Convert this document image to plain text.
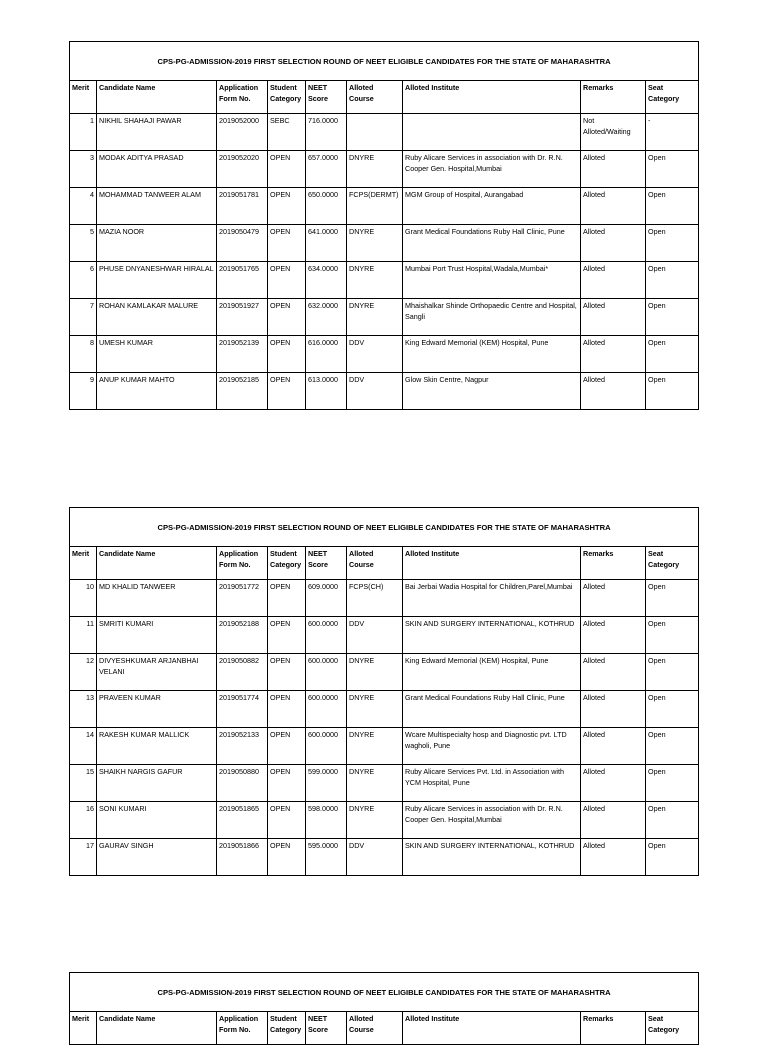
CPS-PG-ADMISSION-2019 FIRST SELECTION ROUND OF NEET ELIGIBLE CANDIDATES FOR THE STATE OF MAHARASHTRA								
Merit	Candidate Name	Application Form No.	Student Category	NEET Score	Alloted Course	Alloted Institute	Remarks	Seat Category
1	NIKHIL SHAHAJI PAWAR	2019052000	SEBC	716.0000			Not Alloted/Waiting	-
3	MODAK ADITYA PRASAD	2019052020	OPEN	657.0000	DNYRE	Ruby Alicare Services in association with Dr. R.N. Cooper Gen. Hospital,Mumbai	Alloted	Open
4	MOHAMMAD TANWEER ALAM	2019051781	OPEN	650.0000	FCPS(DERMT)	MGM Group of Hospital, Aurangabad	Alloted	Open
5	MAZIA NOOR	2019050479	OPEN	641.0000	DNYRE	Grant Medical Foundations Ruby Hall Clinic, Pune	Alloted	Open
6	PHUSE DNYANESHWAR HIRALAL	2019051765	OPEN	634.0000	DNYRE	Mumbai Port Trust Hospital,Wadala,Mumbai*	Alloted	Open
7	ROHAN KAMLAKAR MALURE	2019051927	OPEN	632.0000	DNYRE	Mhaishalkar Shinde Orthopaedic Centre and Hospital, Sangli	Alloted	Open
8	UMESH KUMAR	2019052139	OPEN	616.0000	DDV	King Edward Memorial (KEM) Hospital, Pune	Alloted	Open
9	ANUP KUMAR MAHTO	2019052185	OPEN	613.0000	DDV	Glow Skin Centre, Nagpur	Alloted	Open
CPS-PG-ADMISSION-2019 FIRST SELECTION ROUND OF NEET ELIGIBLE CANDIDATES FOR THE STATE OF MAHARASHTRA								
Merit	Candidate Name	Application Form No.	Student Category	NEET Score	Alloted Course	Alloted Institute	Remarks	Seat Category
10	MD KHALID TANWEER	2019051772	OPEN	609.0000	FCPS(CH)	Bai Jerbai Wadia Hospital for Children,Parel,Mumbai	Alloted	Open
11	SMRITI KUMARI	2019052188	OPEN	600.0000	DDV	SKIN AND SURGERY INTERNATIONAL, KOTHRUD	Alloted	Open
12	DIVYESHKUMAR ARJANBHAI VELANI	2019050882	OPEN	600.0000	DNYRE	King Edward Memorial (KEM) Hospital, Pune	Alloted	Open
13	PRAVEEN KUMAR	2019051774	OPEN	600.0000	DNYRE	Grant Medical Foundations Ruby Hall Clinic, Pune	Alloted	Open
14	RAKESH KUMAR MALLICK	2019052133	OPEN	600.0000	DNYRE	Wcare Multispecialty hosp and Diagnostic pvt. LTD wagholi, Pune	Alloted	Open
15	SHAIKH NARGIS GAFUR	2019050880	OPEN	599.0000	DNYRE	Ruby Alicare Services Pvt. Ltd. in Association with YCM Hospital, Pune	Alloted	Open
16	SONI KUMARI	2019051865	OPEN	598.0000	DNYRE	Ruby Alicare Services in association with Dr. R.N. Cooper Gen. Hospital,Mumbai	Alloted	Open
17	GAURAV SINGH	2019051866	OPEN	595.0000	DDV	SKIN AND SURGERY INTERNATIONAL, KOTHRUD	Alloted	Open
CPS-PG-ADMISSION-2019 FIRST SELECTION ROUND OF NEET ELIGIBLE CANDIDATES FOR THE STATE OF MAHARASHTRA
Merit	Candidate Name	Application Form No.	Student Category	NEET Score	Alloted Course	Alloted Institute	Remarks	Seat Category
